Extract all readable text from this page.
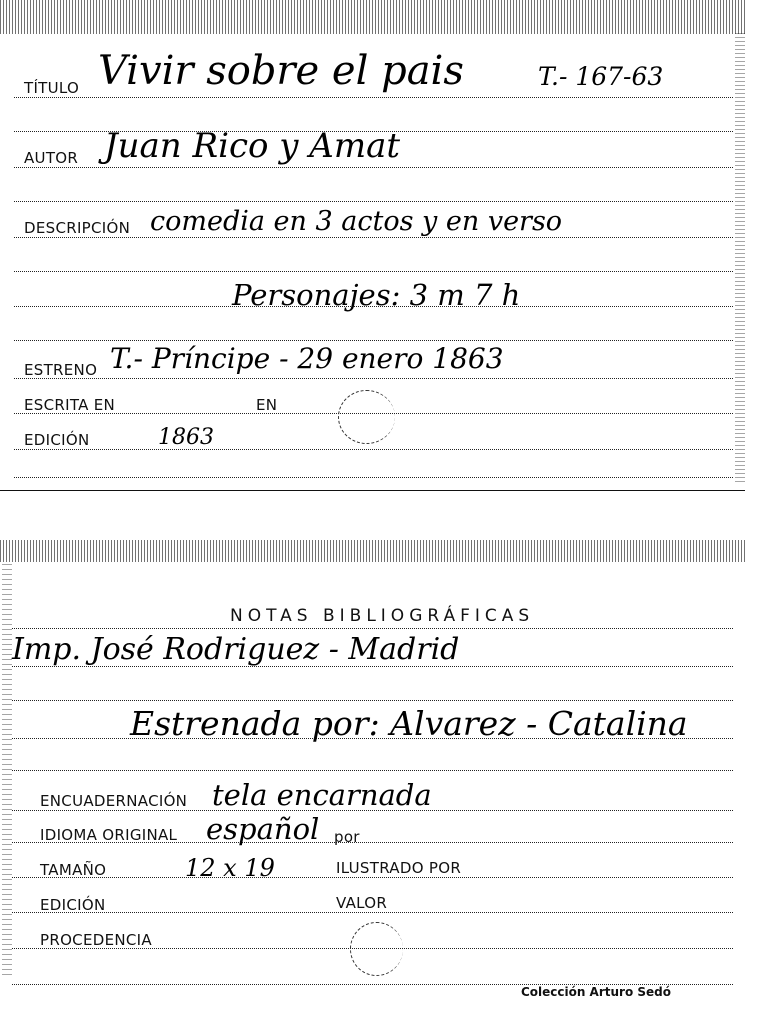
TÍTULO Vivir sobre el pais	T.- 167-63
AUTOR Juan Rico y Amat
DESCRIPCIÓN comedia en 3 actos y en verso
Personajes: 3 m 7 h
ESTRENO T.- Príncipe - 29 enero 1863
ESCRITA EN	EN
EDICIÓN	1863
NOTAS BIBLIOGRÁFICAS
Imp. José Rodriguez - Madrid
Estrenada por: Alvarez - Catalina
ENCUADERNACIÓN tela encarnada
IDIOMA ORIGINAL español por
TAMAÑO	12 x 19	ILUSTRADO POR
EDICIÓN	VALOR
PROCEDENCIA
Colección Arturo Sedó
